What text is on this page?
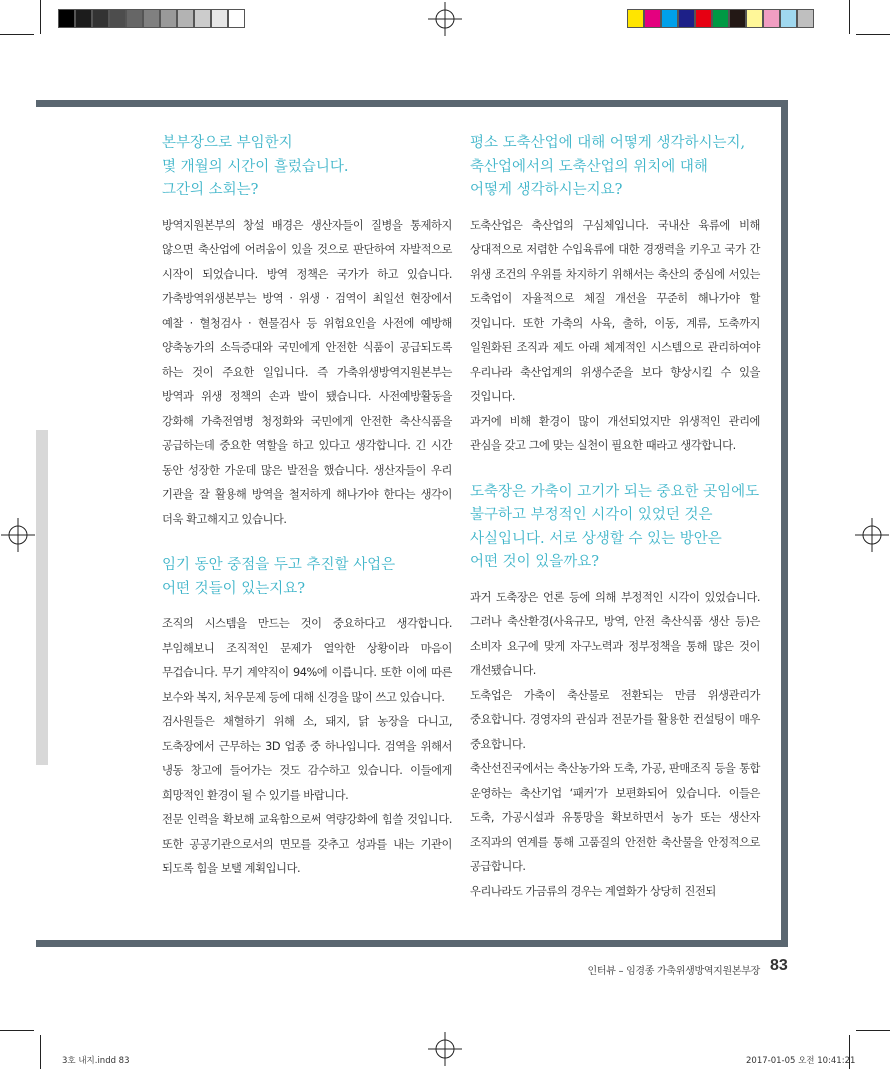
본부장으로 부임한지
몇 개월의 시간이 흘렀습니다.
그간의 소회는?

방역지원본부의 창설 배경은 생산자들이 질병을 통제하지 않으면 축산업에 어려움이 있을 것으로 판단하여 자발적으로 시작이 되었습니다. 방역 정책은 국가가 하고 있습니다. 가축방역위생본부는 방역 · 위생 · 검역이 최일선 현장에서 예찰 · 혈청검사 · 현물검사 등 위험요인을 사전에 예방해 양축농가의 소득증대와 국민에게 안전한 식품이 공급되도록 하는 것이 주요한 일입니다. 즉 가축위생방역지원본부는 방역과 위생 정책의 손과 발이 됐습니다. 사전예방활동을 강화해 가축전염병 청정화와 국민에게 안전한 축산식품을 공급하는데 중요한 역할을 하고 있다고 생각합니다. 긴 시간 동안 성장한 가운데 많은 발전을 했습니다. 생산자들이 우리 기관을 잘 활용해 방역을 철저하게 해나가야 한다는 생각이 더욱 확고해지고 있습니다.

임기 동안 중점을 두고 추진할 사업은
어떤 것들이 있는지요?

조직의 시스템을 만드는 것이 중요하다고 생각합니다. 부임해보니 조직적인 문제가 열악한 상황이라 마음이 무겁습니다. 무기 계약직이 94%에 이릅니다. 또한 이에 따른 보수와 복지, 처우문제 등에 대해 신경을 많이 쓰고 있습니다.

검사원들은 채혈하기 위해 소, 돼지, 닭 농장을 다니고, 도축장에서 근무하는 3D 업종 중 하나입니다. 검역을 위해서 냉동 창고에 들어가는 것도 감수하고 있습니다. 이들에게 희망적인 환경이 될 수 있기를 바랍니다.

전문 인력을 확보해 교육함으로써 역량강화에 힘쓸 것입니다. 또한 공공기관으로서의 면모를 갖추고 성과를 내는 기관이 되도록 힘을 보탤 계획입니다.

평소 도축산업에 대해 어떻게 생각하시는지,
축산업에서의 도축산업의 위치에 대해
어떻게 생각하시는지요?

도축산업은 축산업의 구심체입니다. 국내산 육류에 비해 상대적으로 저렴한 수입육류에 대한 경쟁력을 키우고 국가 간 위생 조건의 우위를 차지하기 위해서는 축산의 중심에 서있는 도축업이 자율적으로 체질 개선을 꾸준히 해나가야 할 것입니다. 또한 가축의 사육, 출하, 이동, 계류, 도축까지 일원화된 조직과 제도 아래 체계적인 시스템으로 관리하여야 우리나라 축산업계의 위생수준을 보다 향상시킬 수 있을 것입니다.

과거에 비해 환경이 많이 개선되었지만 위생적인 관리에 관심을 갖고 그에 맞는 실천이 필요한 때라고 생각합니다.

도축장은 가축이 고기가 되는 중요한 곳임에도
불구하고 부정적인 시각이 있었던 것은
사실입니다. 서로 상생할 수 있는 방안은
어떤 것이 있을까요?

과거 도축장은 언론 등에 의해 부정적인 시각이 있었습니다. 그러나 축산환경(사육규모, 방역, 안전 축산식품 생산 등)은 소비자 요구에 맞게 자구노력과 정부정책을 통해 많은 것이 개선됐습니다.

도축업은 가축이 축산물로 전환되는 만큼 위생관리가 중요합니다. 경영자의 관심과 전문가를 활용한 컨설팅이 매우 중요합니다.

축산선진국에서는 축산농가와 도축, 가공, 판매조직 등을 통합 운영하는 축산기업 ‘패커’가 보편화되어 있습니다. 이들은 도축, 가공시설과 유통망을 확보하면서 농가 또는 생산자 조직과의 연계를 통해 고품질의 안전한 축산물을 안정적으로 공급합니다.

우리나라도 가금류의 경우는 계열화가 상당히 진전되

인터뷰 – 임경종 가축위생방역지원본부장 83
3호 내지.indd 83	2017-01-05 오전 10:41:21
